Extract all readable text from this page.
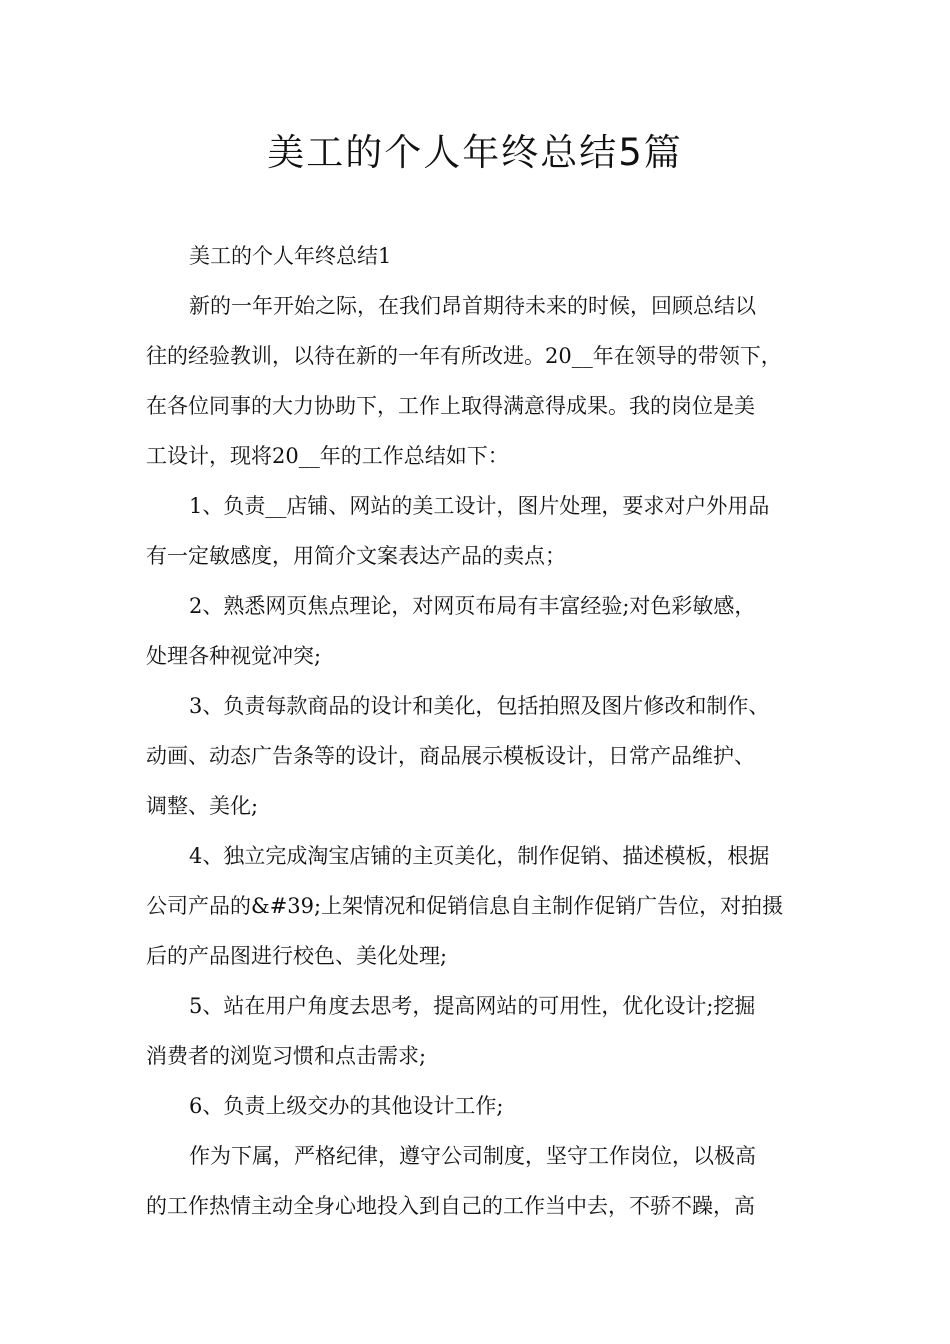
美工的个人年终总结5篇
美工的个人年终总结1
新的一年开始之际，在我们昂首期待未来的时候，回顾总结以
往的经验教训，以待在新的一年有所改进。20__年在领导的带领下，
在各位同事的大力协助下，工作上取得满意得成果。我的岗位是美
工设计，现将20__年的工作总结如下：
1、负责__店铺、网站的美工设计，图片处理，要求对户外用品
有一定敏感度，用简介文案表达产品的卖点；
2、熟悉网页焦点理论，对网页布局有丰富经验;对色彩敏感，
处理各种视觉冲突;
3、负责每款商品的设计和美化，包括拍照及图片修改和制作、
动画、动态广告条等的设计，商品展示模板设计，日常产品维护、
调整、美化;
4、独立完成淘宝店铺的主页美化，制作促销、描述模板，根据
公司产品的&#39;上架情况和促销信息自主制作促销广告位，对拍摄
后的产品图进行校色、美化处理;
5、站在用户角度去思考，提高网站的可用性，优化设计;挖掘
消费者的浏览习惯和点击需求;
6、负责上级交办的其他设计工作;
作为下属，严格纪律，遵守公司制度，坚守工作岗位，以极高
的工作热情主动全身心地投入到自己的工作当中去，不骄不躁，高
